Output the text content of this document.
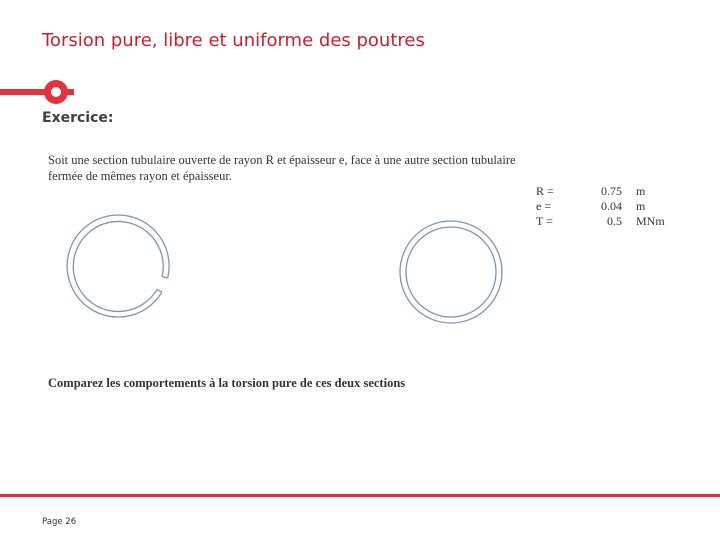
Torsion pure, libre et uniforme des poutres
Exercice:
Soit une section tubulaire ouverte de rayon R et épaisseur e, face à une autre section tubulaire fermée de mêmes rayon et épaisseur.
R =	0.75 m
e =	0.04 m
T =	0.5 MNm
Comparez les comportements à la torsion pure de ces deux sections
Page 26
